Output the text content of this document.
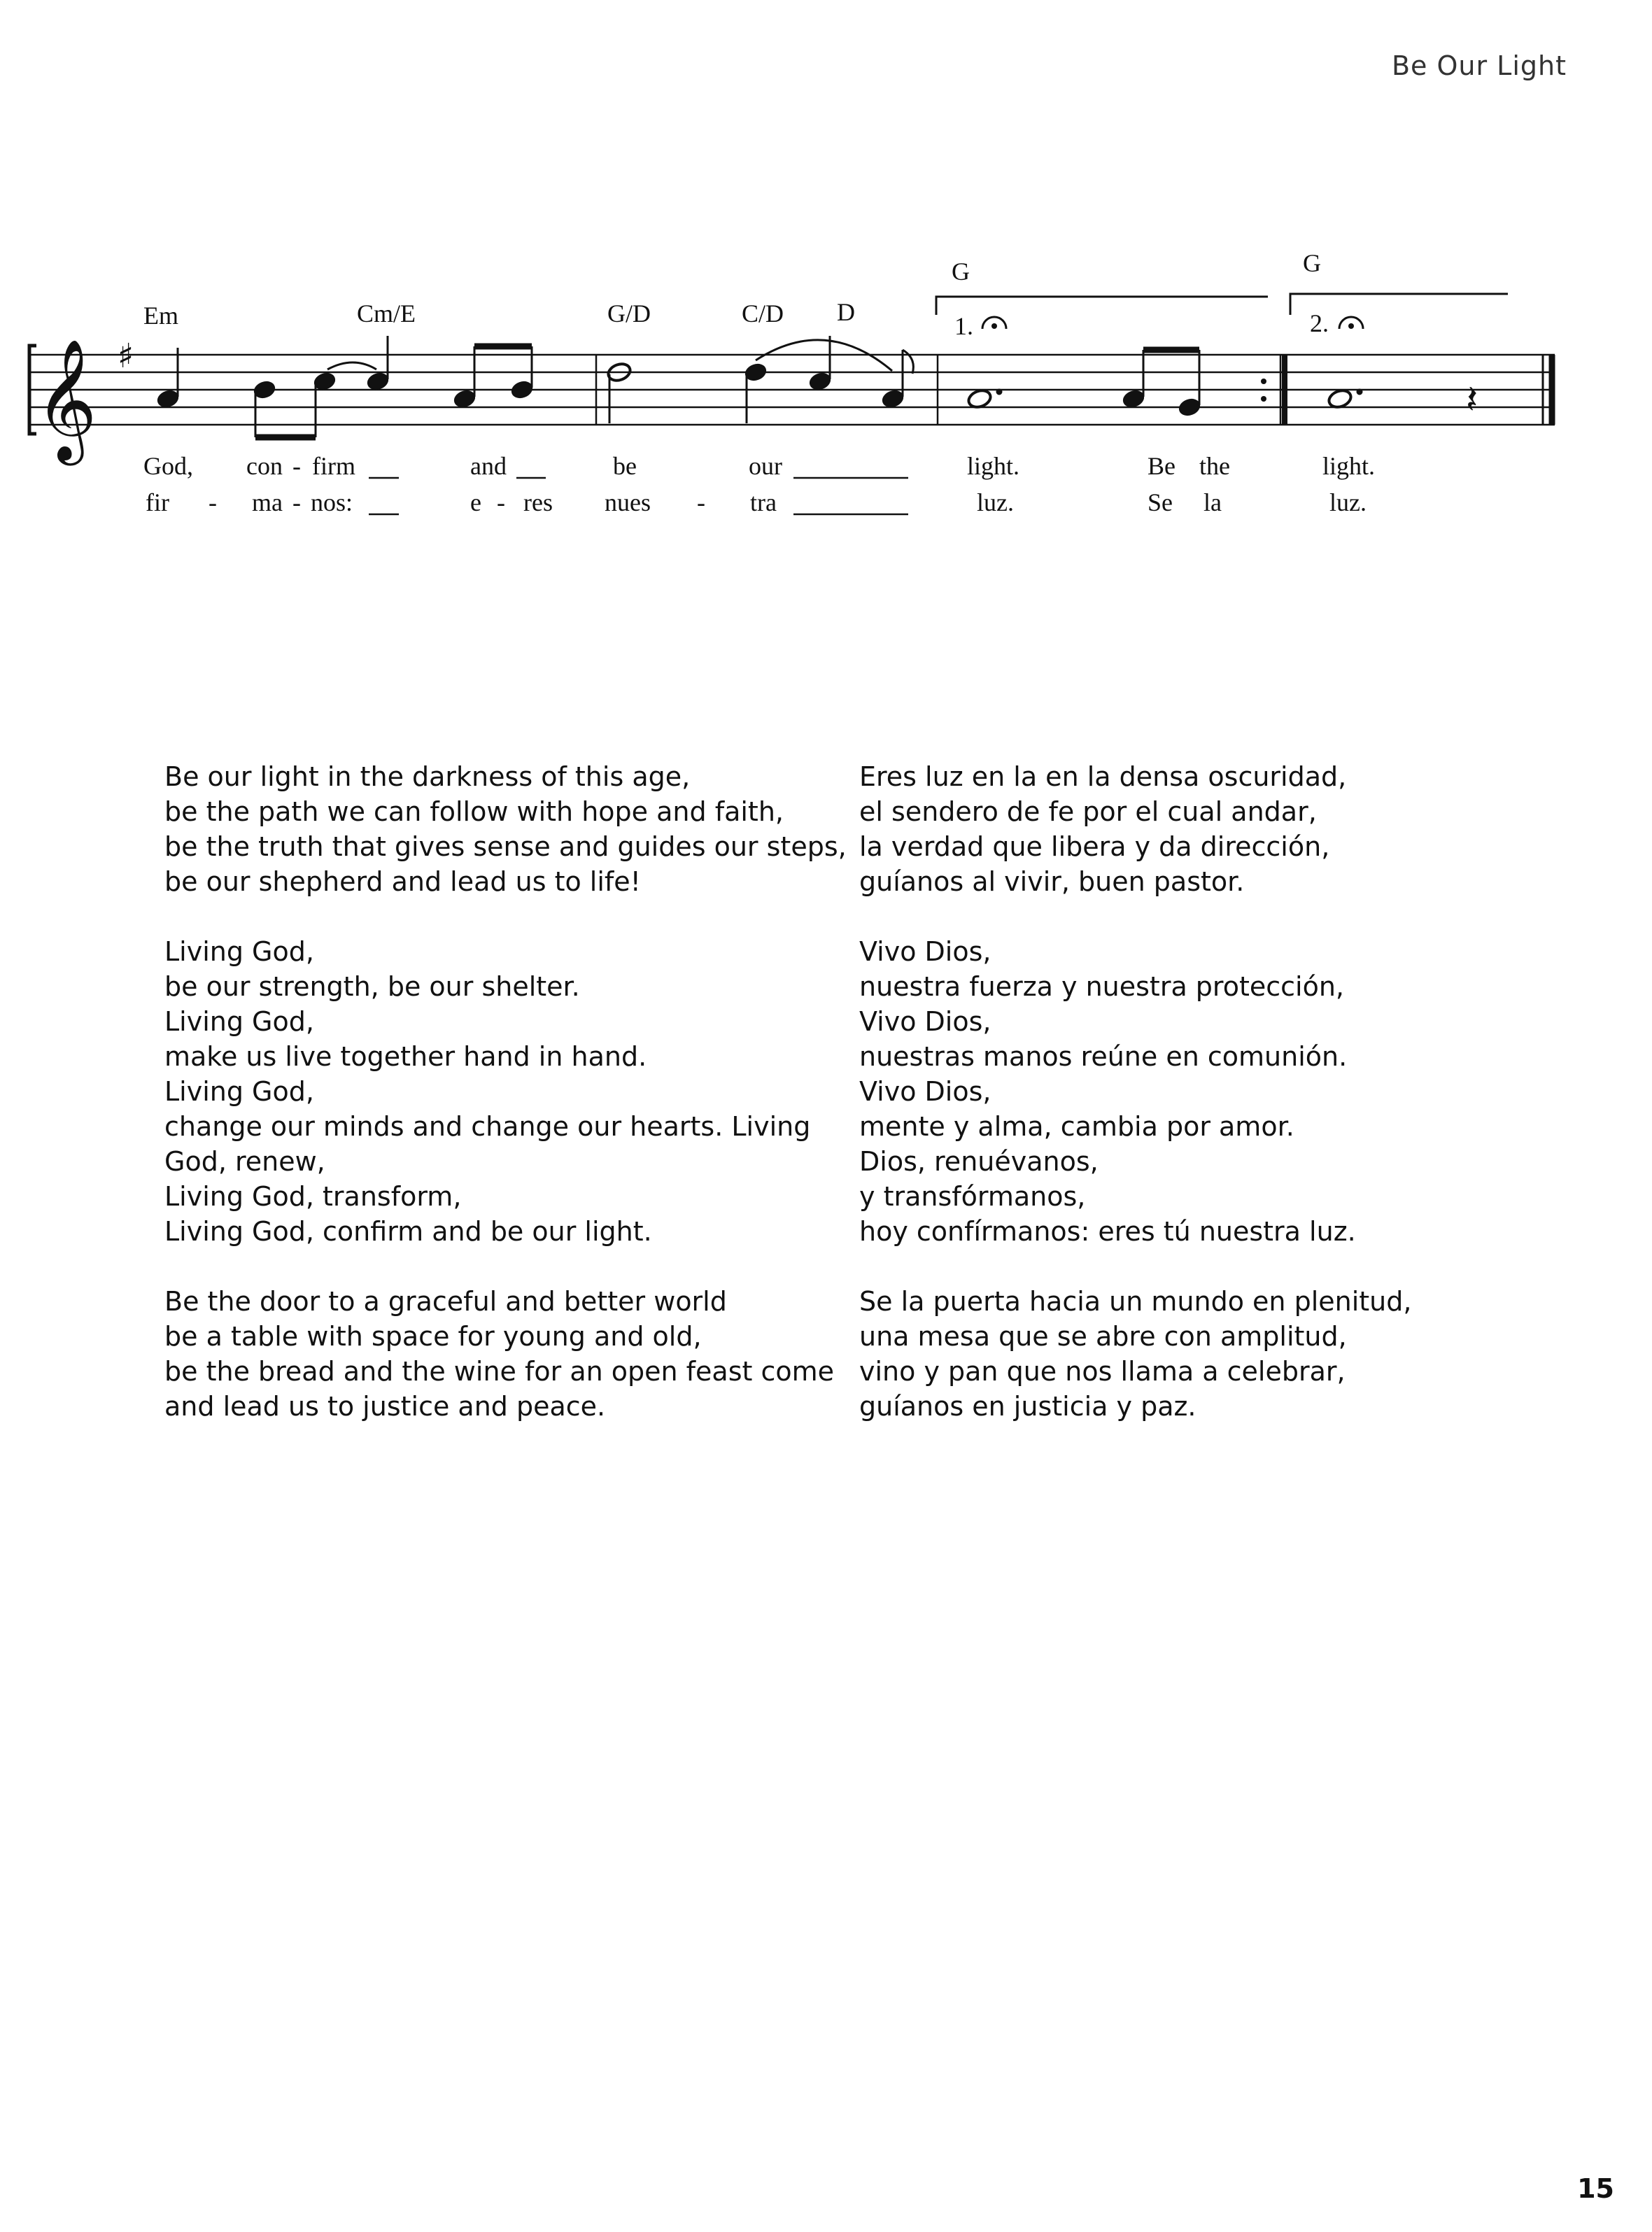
Be Our Light
Em	Cm/E	G/D	C/D D
G	G
1.	2.
𝄞 ♯
𝄽
God, con - firm	and	be	our	light.	Be the	light.
fir - ma - nos:	e - res nues - tra	luz.	Se la	luz.
Be our light in the darkness of this age,
be the path we can follow with hope and faith,
be the truth that gives sense and guides our steps,
be our shepherd and lead us to life!
Living God,
be our strength, be our shelter.
Living God,
make us live together hand in hand.
Living God,
change our minds and change our hearts. Living
God, renew,
Living God, transform,
Living God, confirm and be our light.
Be the door to a graceful and better world
be a table with space for young and old,
be the bread and the wine for an open feast come
and lead us to justice and peace.
Eres luz en la en la densa oscuridad,
el sendero de fe por el cual andar,
la verdad que libera y da dirección,
guíanos al vivir, buen pastor.
Vivo Dios,
nuestra fuerza y nuestra protección,
Vivo Dios,
nuestras manos reúne en comunión.
Vivo Dios,
mente y alma, cambia por amor.
Dios, renuévanos,
y transfórmanos,
hoy confírmanos: eres tú nuestra luz.
Se la puerta hacia un mundo en plenitud,
una mesa que se abre con amplitud,
vino y pan que nos llama a celebrar,
guíanos en justicia y paz.
15
